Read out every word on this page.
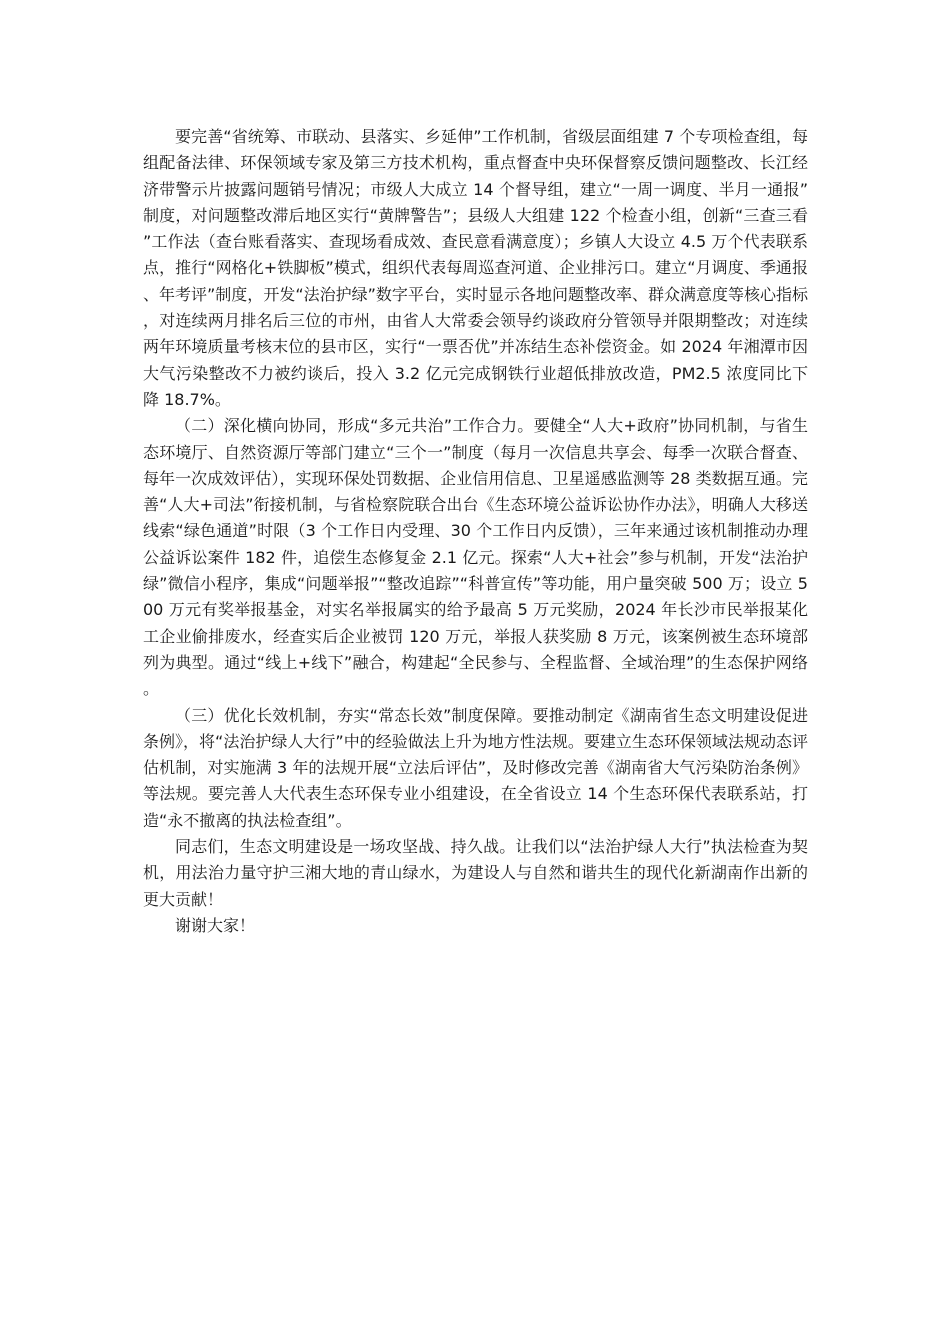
要完善“省统筹、市联动、县落实、乡延伸”工作机制，省级层面组建 7 个专项检查组，每组配备法律、环保领域专家及第三方技术机构，重点督查中央环保督察反馈问题整改、长江经济带警示片披露问题销号情况；市级人大成立 14 个督导组，建立“一周一调度、半月一通报”制度，对问题整改滞后地区实行“黄牌警告”；县级人大组建 122 个检查小组，创新“三查三看”工作法（查台账看落实、查现场看成效、查民意看满意度）；乡镇人大设立 4.5 万个代表联系点，推行“网格化+铁脚板”模式，组织代表每周巡查河道、企业排污口。建立“月调度、季通报、年考评”制度，开发“法治护绿”数字平台，实时显示各地问题整改率、群众满意度等核心指标，对连续两月排名后三位的市州，由省人大常委会领导约谈政府分管领导并限期整改；对连续两年环境质量考核末位的县市区，实行“一票否优”并冻结生态补偿资金。如 2024 年湘潭市因大气污染整改不力被约谈后，投入 3.2 亿元完成钢铁行业超低排放改造，PM2.5 浓度同比下降 18.7%。

（二）深化横向协同，形成“多元共治”工作合力。要健全“人大+政府”协同机制，与省生态环境厅、自然资源厅等部门建立“三个一”制度（每月一次信息共享会、每季一次联合督查、每年一次成效评估），实现环保处罚数据、企业信用信息、卫星遥感监测等 28 类数据互通。完善“人大+司法”衔接机制，与省检察院联合出台《生态环境公益诉讼协作办法》，明确人大移送线索“绿色通道”时限（3 个工作日内受理、30 个工作日内反馈），三年来通过该机制推动办理公益诉讼案件 182 件，追偿生态修复金 2.1 亿元。探索“人大+社会”参与机制，开发“法治护绿”微信小程序，集成“问题举报”“整改追踪”“科普宣传”等功能，用户量突破 500 万；设立 500 万元有奖举报基金，对实名举报属实的给予最高 5 万元奖励，2024 年长沙市民举报某化工企业偷排废水，经查实后企业被罚 120 万元，举报人获奖励 8 万元，该案例被生态环境部列为典型。通过“线上+线下”融合，构建起“全民参与、全程监督、全域治理”的生态保护网络。

（三）优化长效机制，夯实“常态长效”制度保障。要推动制定《湖南省生态文明建设促进条例》，将“法治护绿人大行”中的经验做法上升为地方性法规。要建立生态环保领域法规动态评估机制，对实施满 3 年的法规开展“立法后评估”，及时修改完善《湖南省大气污染防治条例》等法规。要完善人大代表生态环保专业小组建设，在全省设立 14 个生态环保代表联系站，打造“永不撤离的执法检查组”。

同志们，生态文明建设是一场攻坚战、持久战。让我们以“法治护绿人大行”执法检查为契机，用法治力量守护三湘大地的青山绿水，为建设人与自然和谐共生的现代化新湖南作出新的更大贡献！

谢谢大家！
